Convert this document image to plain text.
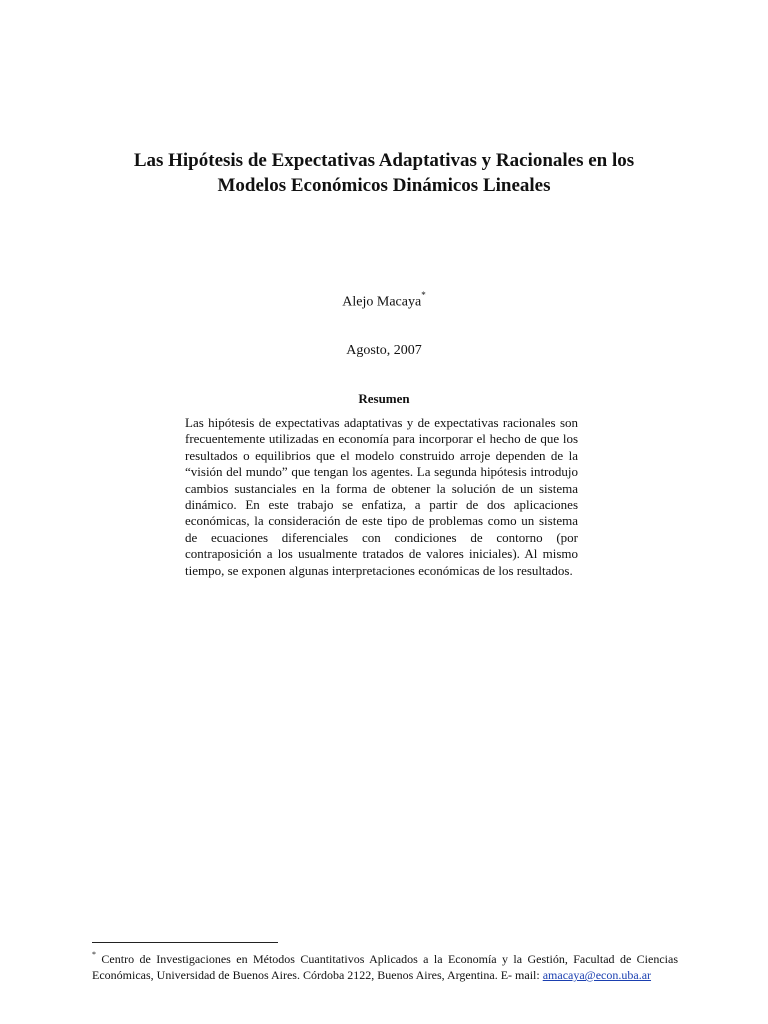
Las Hipótesis de Expectativas Adaptativas y Racionales en los
Modelos Económicos Dinámicos Lineales
Alejo Macaya*
Agosto, 2007
Resumen

Las hipótesis de expectativas adaptativas y de expectativas racionales son frecuentemente utilizadas en economía para incorporar el hecho de que los resultados o equilibrios que el modelo construido arroje dependen de la “visión del mundo” que tengan los agentes. La segunda hipótesis introdujo cambios sustanciales en la forma de obtener la solución de un sistema dinámico. En este trabajo se enfatiza, a partir de dos aplicaciones económicas, la consideración de este tipo de problemas como un sistema de ecuaciones diferenciales con condiciones de contorno (por contraposición a los usualmente tratados de valores iniciales). Al mismo tiempo, se exponen algunas interpretaciones económicas de los resultados.

* Centro de Investigaciones en Métodos Cuantitativos Aplicados a la Economía y la Gestión, Facultad de Ciencias Económicas, Universidad de Buenos Aires. Córdoba 2122, Buenos Aires, Argentina. E- mail: amacaya@econ.uba.ar
